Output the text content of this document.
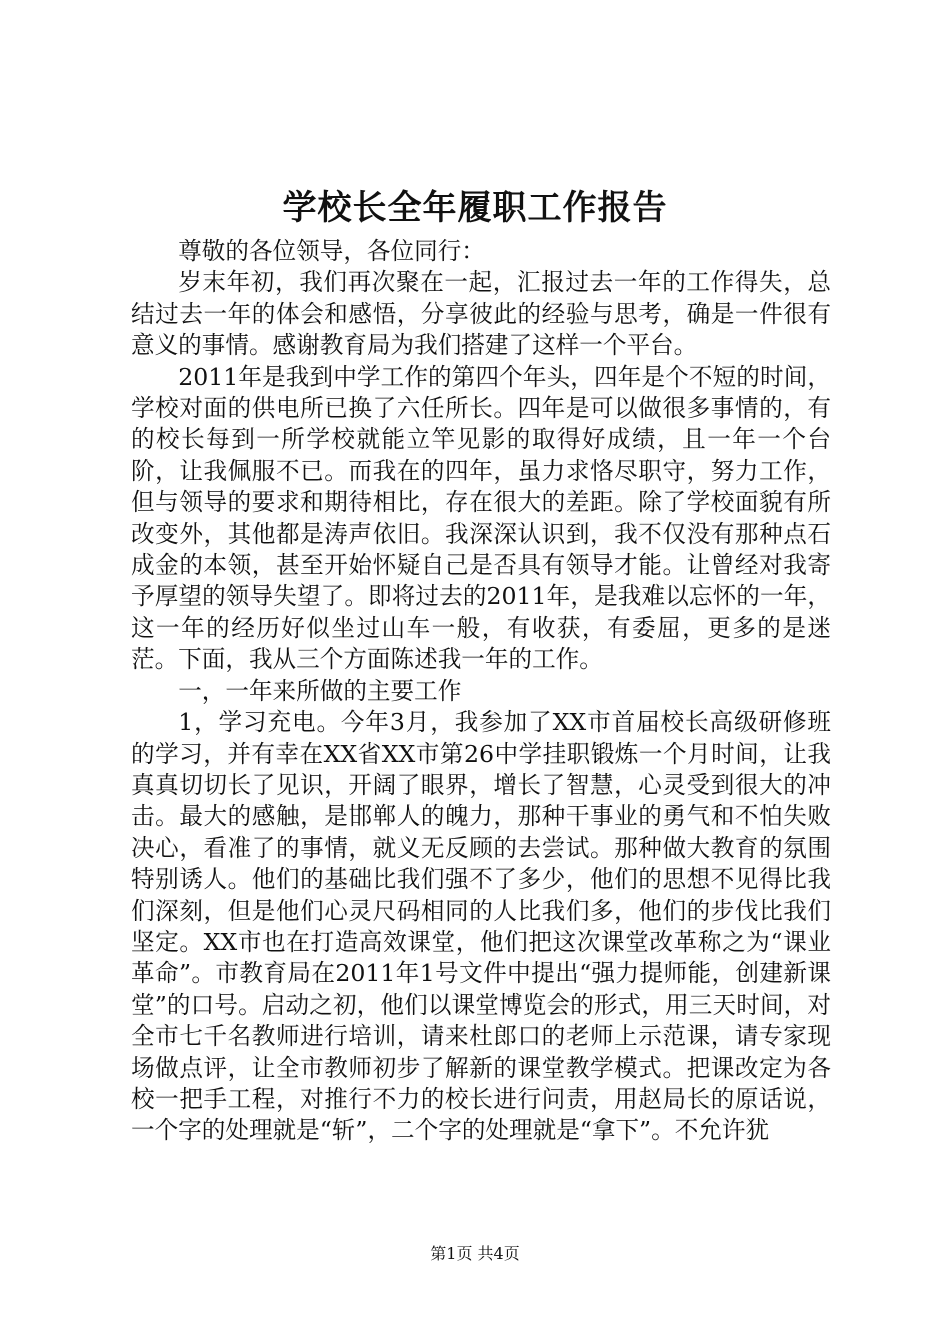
学校长全年履职工作报告

尊敬的各位领导，各位同行：

岁末年初，我们再次聚在一起，汇报过去一年的工作得失，总结过去一年的体会和感悟，分享彼此的经验与思考，确是一件很有意义的事情。感谢教育局为我们搭建了这样一个平台。

2011年是我到中学工作的第四个年头，四年是个不短的时间，学校对面的供电所已换了六任所长。四年是可以做很多事情的，有的校长每到一所学校就能立竿见影的取得好成绩，且一年一个台阶，让我佩服不已。而我在的四年，虽力求恪尽职守，努力工作，但与领导的要求和期待相比，存在很大的差距。除了学校面貌有所改变外，其他都是涛声依旧。我深深认识到，我不仅没有那种点石成金的本领，甚至开始怀疑自己是否具有领导才能。让曾经对我寄予厚望的领导失望了。即将过去的2011年，是我难以忘怀的一年，这一年的经历好似坐过山车一般，有收获，有委屈，更多的是迷茫。下面，我从三个方面陈述我一年的工作。

一，一年来所做的主要工作

1，学习充电。今年3月，我参加了XX市首届校长高级研修班的学习，并有幸在XX省XX市第26中学挂职锻炼一个月时间，让我真真切切长了见识，开阔了眼界，增长了智慧，心灵受到很大的冲击。最大的感触，是邯郸人的魄力，那种干事业的勇气和不怕失败决心，看准了的事情，就义无反顾的去尝试。那种做大教育的氛围特别诱人。他们的基础比我们强不了多少，他们的思想不见得比我们深刻，但是他们心灵尺码相同的人比我们多，他们的步伐比我们坚定。XX市也在打造高效课堂，他们把这次课堂改革称之为“课业革命”。市教育局在2011年1号文件中提出“强力提师能，创建新课堂”的口号。启动之初，他们以课堂博览会的形式，用三天时间，对全市七千名教师进行培训，请来杜郎口的老师上示范课，请专家现场做点评，让全市教师初步了解新的课堂教学模式。把课改定为各校一把手工程，对推行不力的校长进行问责，用赵局长的原话说，一个字的处理就是“斩”，二个字的处理就是“拿下”。不允许犹

第1页 共4页
